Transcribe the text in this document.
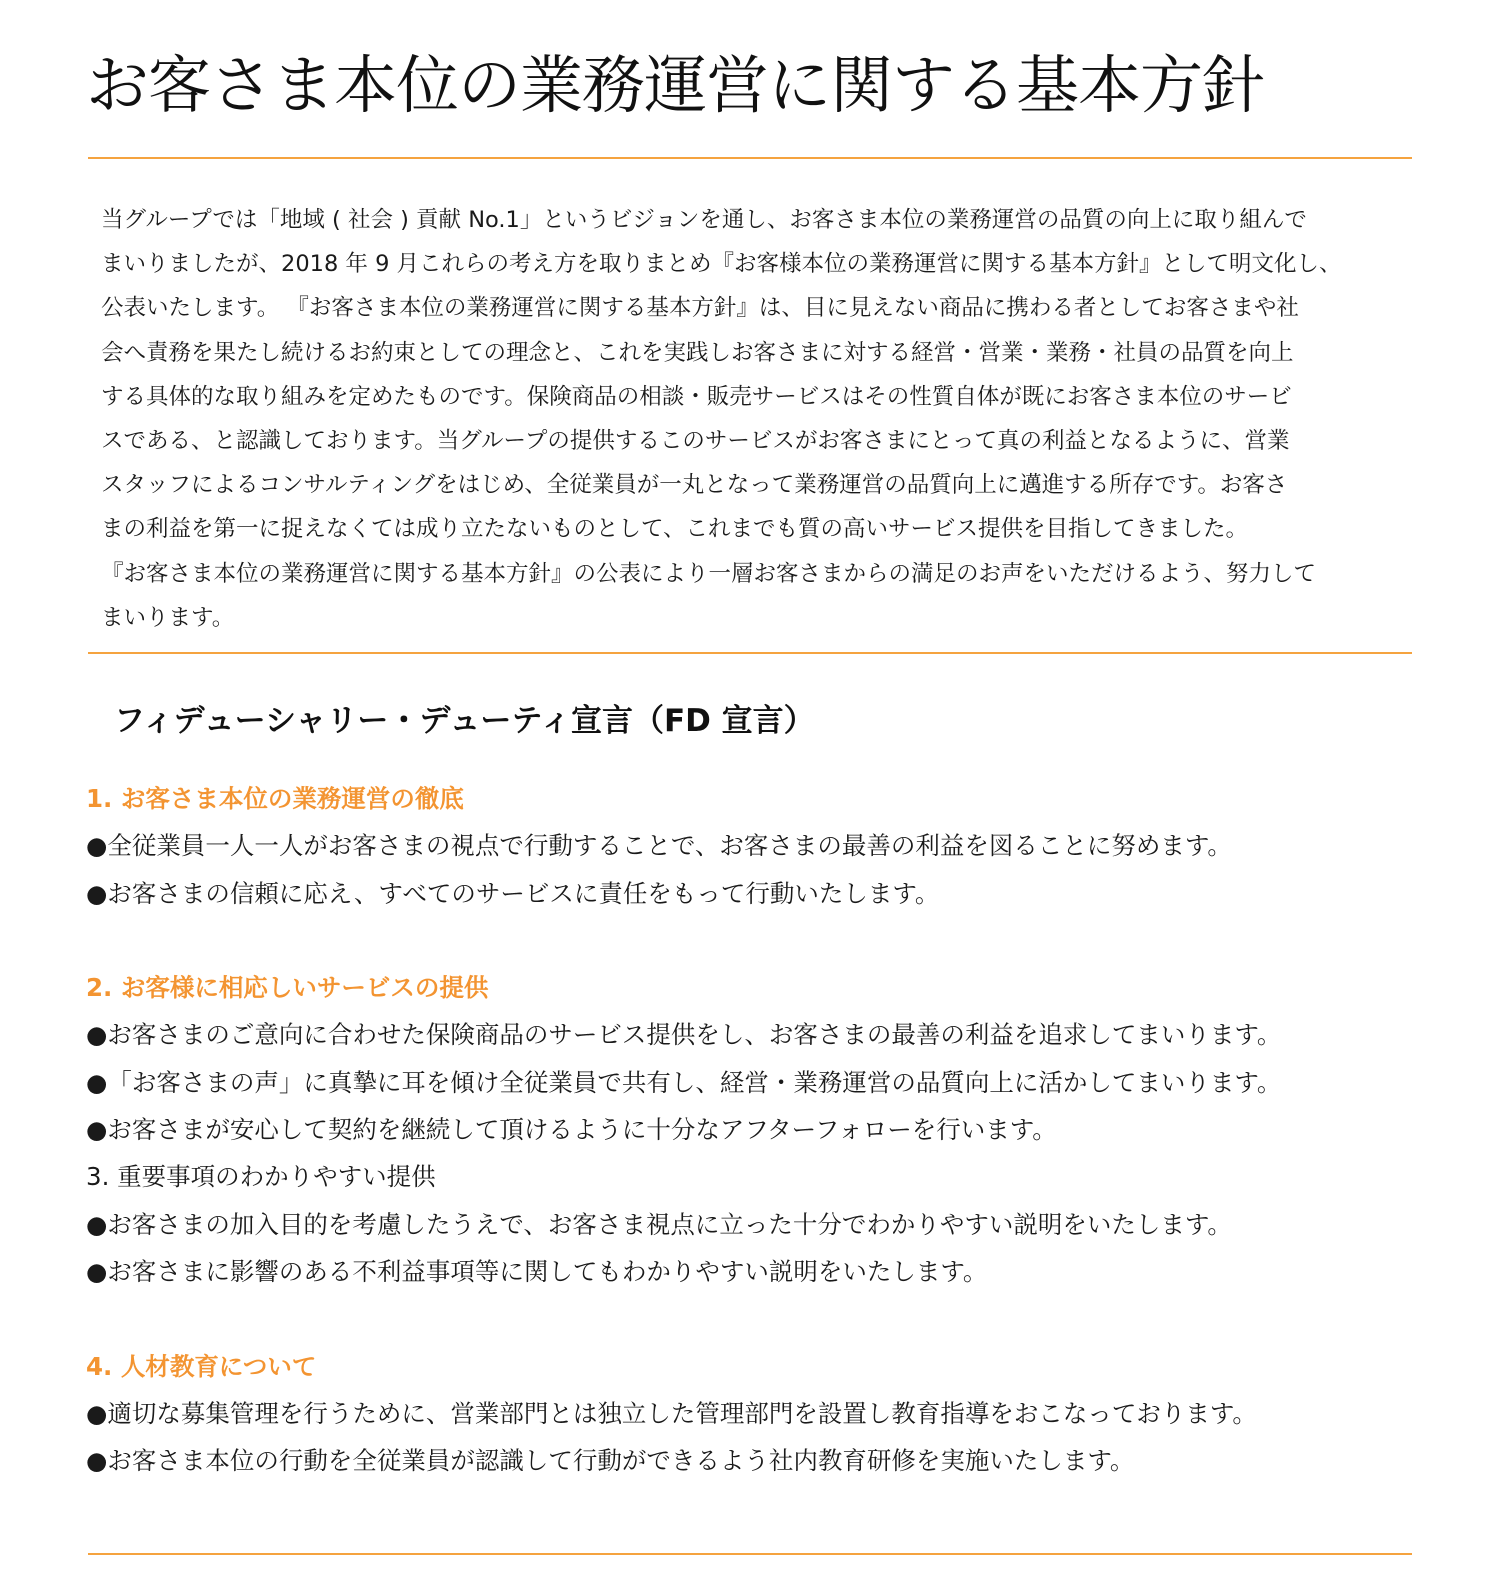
お客さま本位の業務運営に関する基本方針
当グループでは「地域 ( 社会 ) 貢献 No.1」というビジョンを通し、お客さま本位の業務運営の品質の向上に取り組んで
まいりましたが、2018 年 9 月これらの考え方を取りまとめ『お客様本位の業務運営に関する基本方針』として明文化し、
公表いたします。 『お客さま本位の業務運営に関する基本方針』は、目に見えない商品に携わる者としてお客さまや社
会へ責務を果たし続けるお約束としての理念と、これを実践しお客さまに対する経営・営業・業務・社員の品質を向上
する具体的な取り組みを定めたものです。保険商品の相談・販売サービスはその性質自体が既にお客さま本位のサービ
スである、と認識しております。当グループの提供するこのサービスがお客さまにとって真の利益となるように、営業
スタッフによるコンサルティングをはじめ、全従業員が一丸となって業務運営の品質向上に邁進する所存です。お客さ
まの利益を第一に捉えなくては成り立たないものとして、これまでも質の高いサービス提供を目指してきました。
『お客さま本位の業務運営に関する基本方針』の公表により一層お客さまからの満足のお声をいただけるよう、努力して
まいります。
フィデューシャリー・デューティ宣言（FD 宣言）
1. お客さま本位の業務運営の徹底
●全従業員一人一人がお客さまの視点で行動することで、お客さまの最善の利益を図ることに努めます。
●お客さまの信頼に応え、すべてのサービスに責任をもって行動いたします。
2. お客様に相応しいサービスの提供
●お客さまのご意向に合わせた保険商品のサービス提供をし、お客さまの最善の利益を追求してまいります。
●「お客さまの声」に真摯に耳を傾け全従業員で共有し、経営・業務運営の品質向上に活かしてまいります。
●お客さまが安心して契約を継続して頂けるように十分なアフターフォローを行います。
3. 重要事項のわかりやすい提供
●お客さまの加入目的を考慮したうえで、お客さま視点に立った十分でわかりやすい説明をいたします。
●お客さまに影響のある不利益事項等に関してもわかりやすい説明をいたします。
4. 人材教育について
●適切な募集管理を行うために、営業部門とは独立した管理部門を設置し教育指導をおこなっております。
●お客さま本位の行動を全従業員が認識して行動ができるよう社内教育研修を実施いたします。
